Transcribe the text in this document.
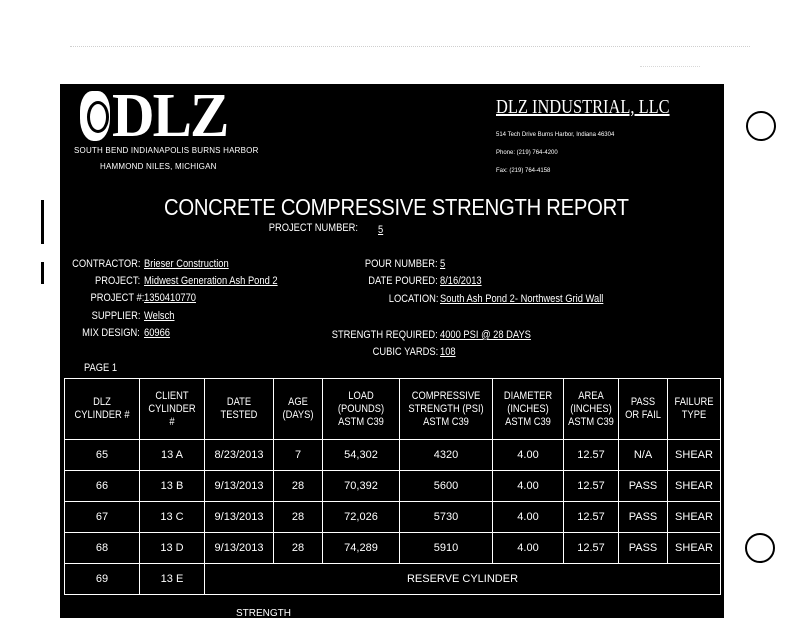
DLZ
SOUTH BEND INDIANAPOLIS BURNS HARBOR
HAMMOND NILES, MICHIGAN
DLZ INDUSTRIAL, LLC
514 Tech Drive Burns Harbor, Indiana 46304
Phone: (219) 764-4200
Fax: (219) 764-4158
CONCRETE COMPRESSIVE STRENGTH REPORT
PROJECT NUMBER: 5
CONTRACTOR: Brieser Construction
PROJECT: Midwest Generation Ash Pond 2
PROJECT #: 1350410770
SUPPLIER: Welsch
MIX DESIGN: 60966
POUR NUMBER: 5
DATE POURED: 8/16/2013
LOCATION: South Ash Pond 2- Northwest Grid Wall
STRENGTH REQUIRED: 4000 PSI @ 28 DAYS
CUBIC YARDS: 108
PAGE 1
DLZ CYLINDER #	CLIENT CYLINDER #	DATE TESTED	AGE (DAYS)	LOAD (POUNDS) ASTM C39	COMPRESSIVE STRENGTH (PSI) ASTM C39	DIAMETER (INCHES) ASTM C39	AREA (INCHES) ASTM C39	PASS OR FAIL	FAILURE TYPE
65	13 A	8/23/2013	7	54,302	4320	4.00	12.57	N/A	SHEAR
66	13 B	9/13/2013	28	70,392	5600	4.00	12.57	PASS	SHEAR
67	13 C	9/13/2013	28	72,026	5730	4.00	12.57	PASS	SHEAR
68	13 D	9/13/2013	28	74,289	5910	4.00	12.57	PASS	SHEAR
69	13 E	RESERVE CYLINDER							
STRENGTH
